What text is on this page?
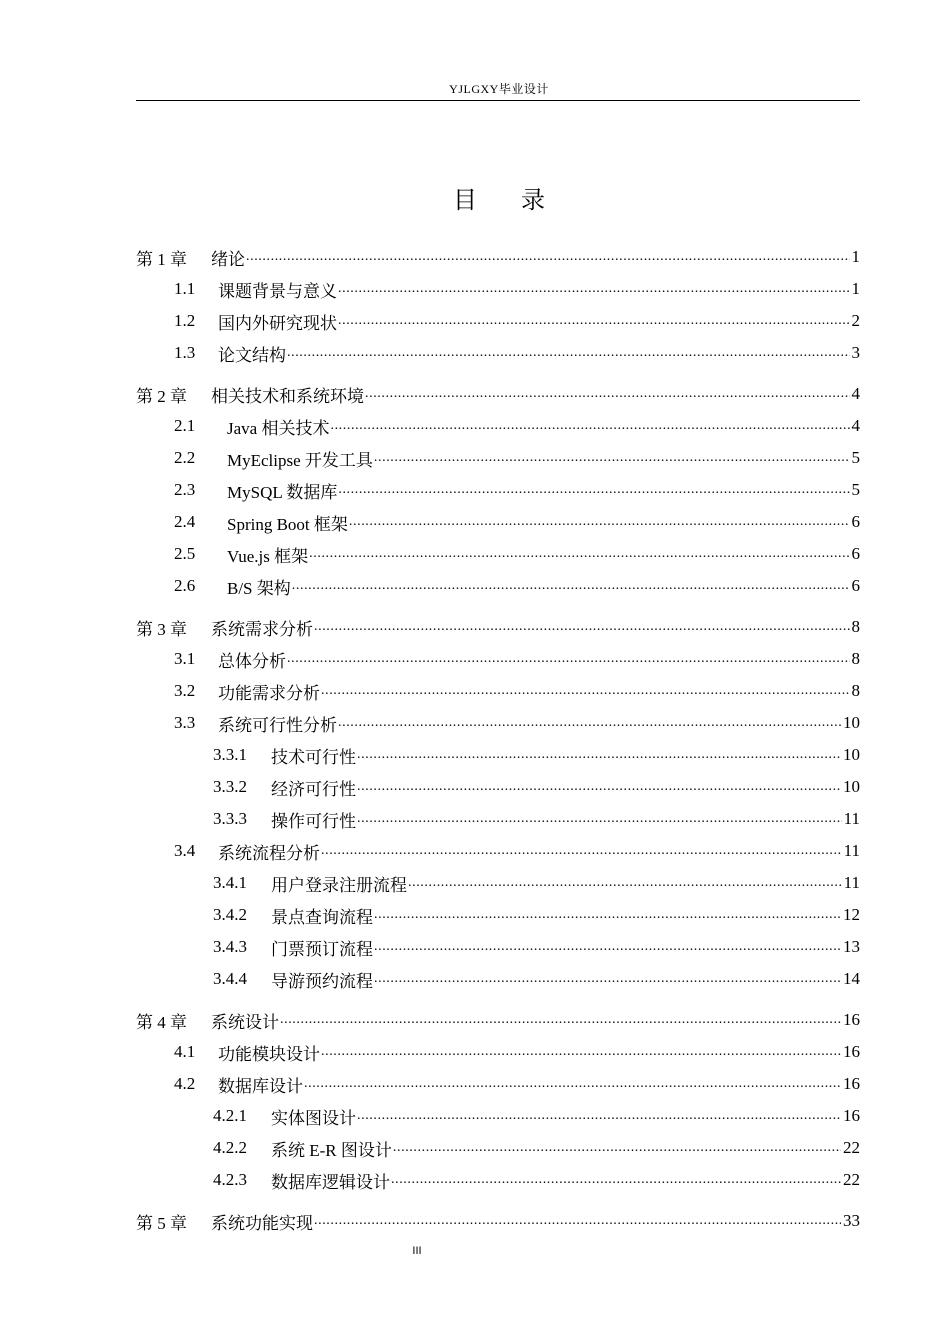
YJLGXY毕业设计
目 录
第 1 章	绪论 .....	1
1.1	课题背景与意义 .....	1
1.2	国内外研究现状 .....	2
1.3	论文结构 .....	3
第 2 章	相关技术和系统环境 .....	4
2.1	Java 相关技术 .....	4
2.2	MyEclipse 开发工具 .....	5
2.3	MySQL 数据库 .....	5
2.4	Spring Boot 框架 .....	6
2.5	Vue.js 框架 .....	6
2.6	B/S 架构 .....	6
第 3 章	系统需求分析 .....	8
3.1	总体分析 .....	8
3.2	功能需求分析 .....	8
3.3	系统可行性分析 .....	10
3.3.1	技术可行性 .....	10
3.3.2	经济可行性 .....	10
3.3.3	操作可行性 .....	11
3.4	系统流程分析 .....	11
3.4.1	用户登录注册流程 .....	11
3.4.2	景点查询流程 .....	12
3.4.3	门票预订流程 .....	13
3.4.4	导游预约流程 .....	14
第 4 章	系统设计 .....	16
4.1	功能模块设计 .....	16
4.2	数据库设计 .....	16
4.2.1	实体图设计 .....	16
4.2.2	系统 E-R 图设计 .....	22
4.2.3	数据库逻辑设计 .....	22
第 5 章	系统功能实现 .....	33
III
